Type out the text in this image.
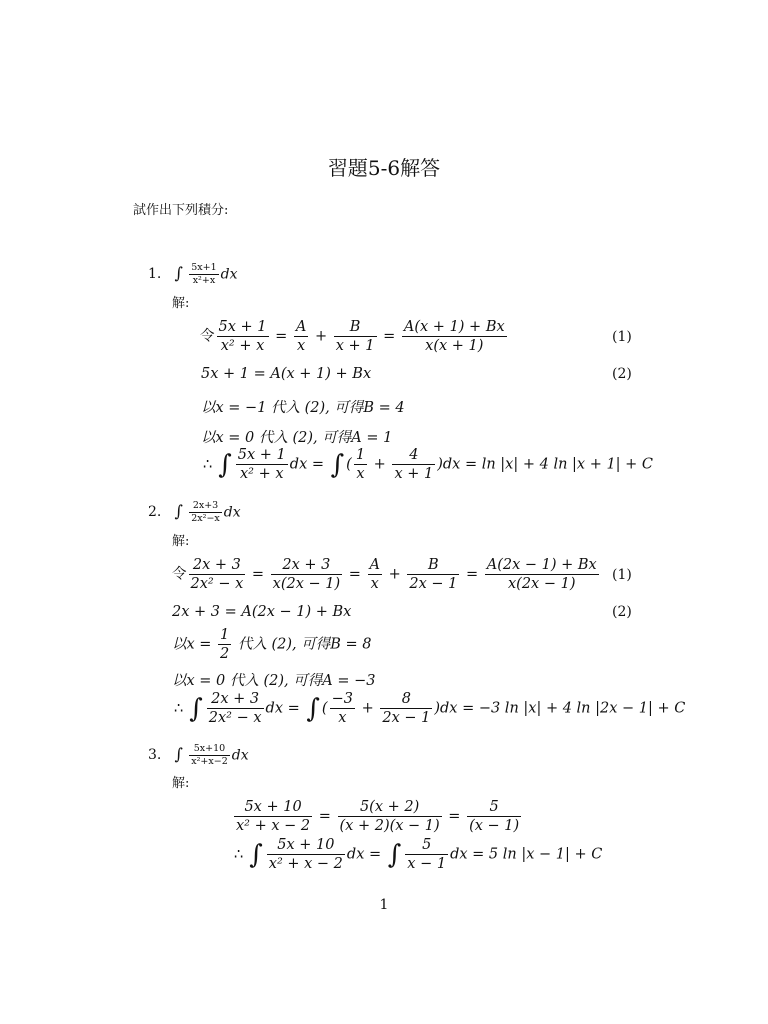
習題5-6解答
試作出下列積分:
1. ∫ $\frac{5x+1}{\text{x²+x}}$ dx
解:
令 $\frac{5x + 1}{\text{x² + x}} = \frac{A}{x} + \frac{B}{x + 1} = \frac{A(x + 1) + Bx}{x(x + 1)}$	(1)
5x + 1 = A(x + 1) + Bx	(2)
以x = −1 代入 (2), 可得B = 4
以x = 0 代入 (2), 可得A = 1
∴ ∫ $\frac{5x + 1}{\text{x² + x}}$ dx = ∫ ( $\frac{1}{x} + \frac{4}{x + 1} )dx = \ln |x| + 4$ ln |x + 1| + C
2. ∫ $\frac{2x+3}{\text{2x²−x}}$ dx
解:
令 $\frac{2x + 3}{\text{2x² − x}} = \frac{2x + 3}{x(2x - 1)} = \frac{A}{x} + \frac{B}{2x - 1} = \frac{A(2x - 1) + Bx}{x(2x - 1)} (1)$
2x + 3 = A(2x − 1) + Bx	(2)
以$x = \frac{1}{2}$ 代入 (2), 可得B = 8
以x = 0 代入 (2), 可得A = −3
∴ ∫ $\frac{2x + 3}{\text{2x² − x}}$ dx = ∫ ( $\frac{-3}{x} + \frac{8}{2x - 1} )dx = -3$ ln |x| + 4 ln |2x − 1| + C
3. ∫ $\frac{5x+10}{\text{x²+x−2}}$ dx
解:
$\frac{5x + 10}{\text{x² + x − 2}} = \frac{5(x + 2)}{(x + 2)(x - 1)} = \frac{5}{(x - 1)}$
∴ ∫ $\frac{5x + 10}{\text{x² + x − 2}}$ dx = ∫ $\frac{5}{x - 1}$ dx = 5 ln |x − 1| + C
1
